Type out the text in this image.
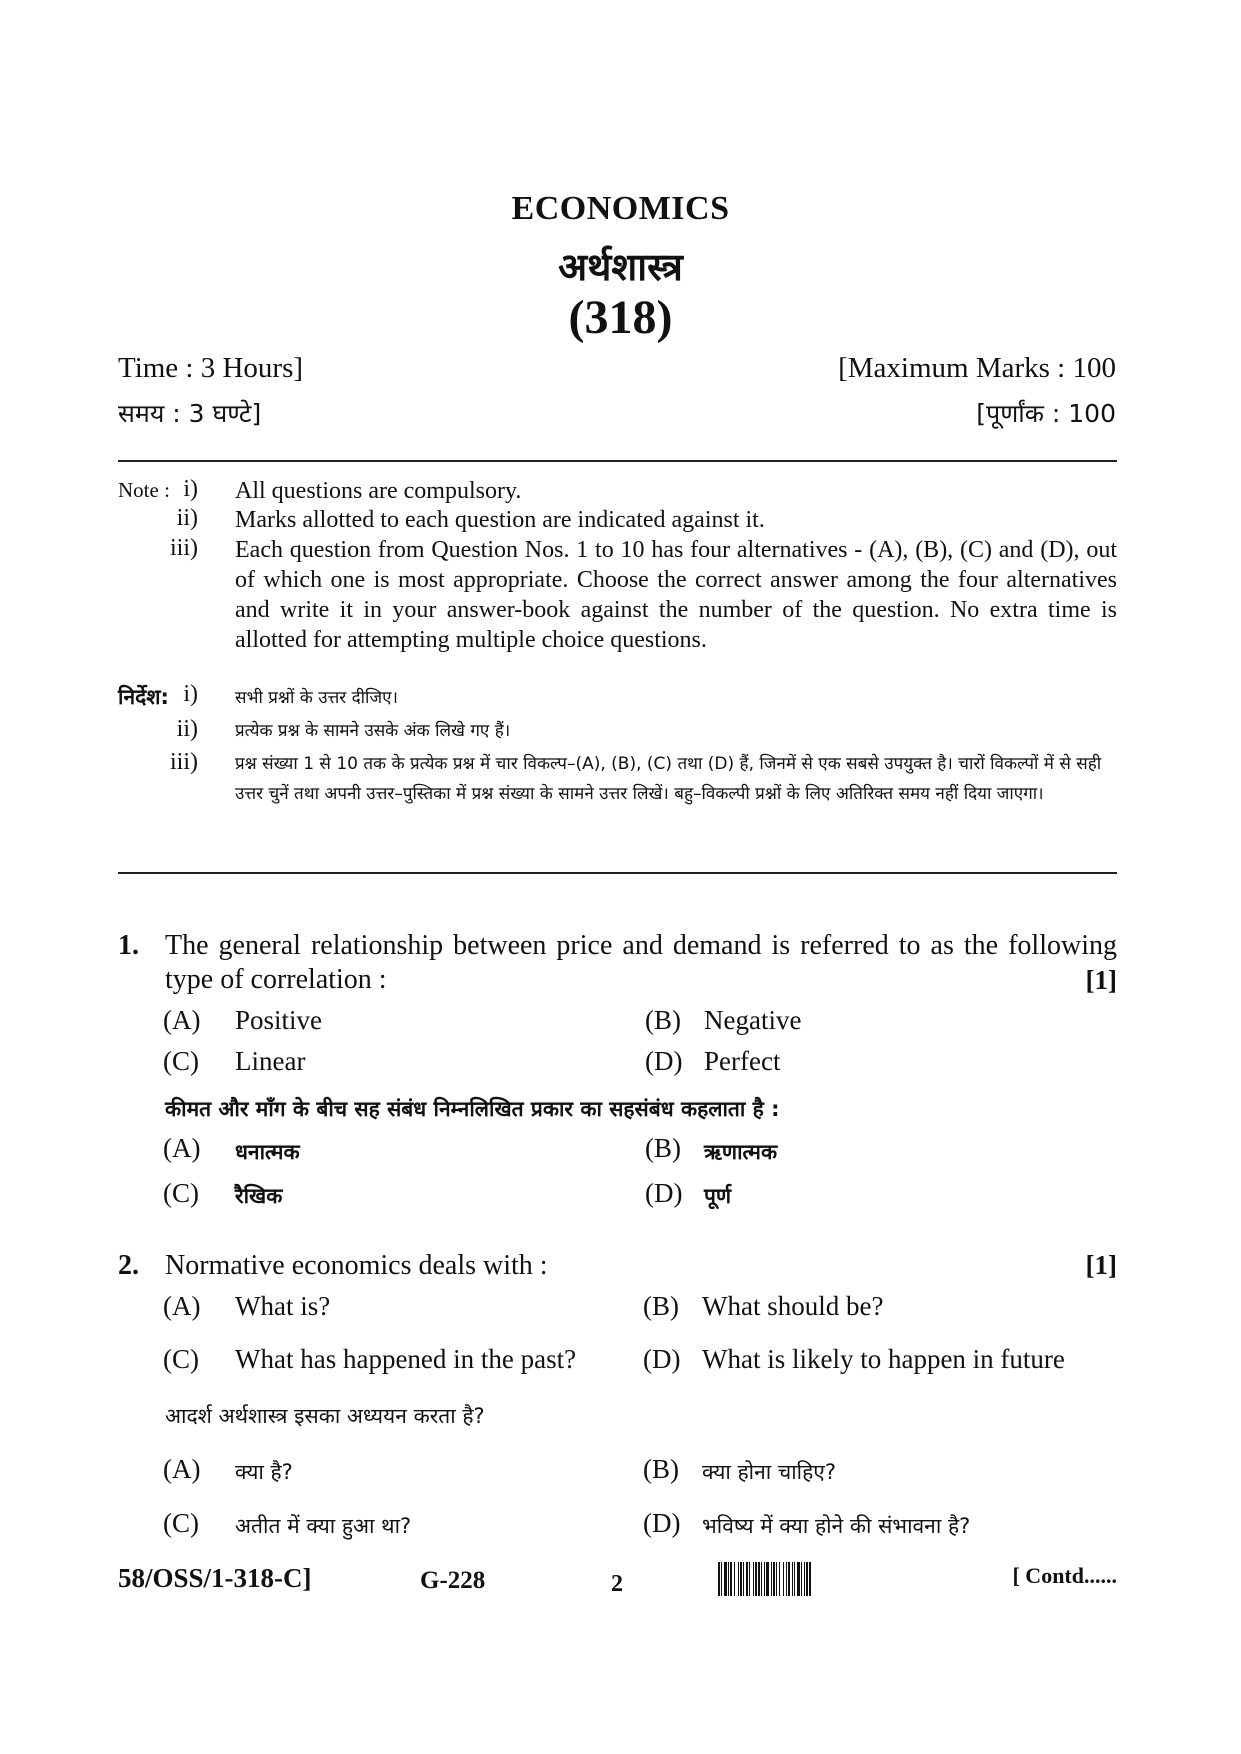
ECONOMICS
अर्थशास्त्र
(318)
Time : 3 Hours]	[Maximum Marks : 100
समय : 3 घण्टे]	[पूर्णांक : 100
Note : i) All questions are compulsory.
ii) Marks allotted to each question are indicated against it.
iii) Each question from Question Nos. 1 to 10 has four alternatives - (A), (B), (C) and (D), out of which one is most appropriate. Choose the correct answer among the four alternatives and write it in your answer-book against the number of the question. No extra time is allotted for attempting multiple choice questions.
निर्देश: i) सभी प्रश्नों के उत्तर दीजिए।
ii) प्रत्येक प्रश्न के सामने उसके अंक लिखे गए हैं।
iii) प्रश्न संख्या 1 से 10 तक के प्रत्येक प्रश्न में चार विकल्प–(A), (B), (C) तथा (D) हैं, जिनमें से एक सबसे उपयुक्त है। चारों विकल्पों में से सही उत्तर चुनें तथा अपनी उत्तर–पुस्तिका में प्रश्न संख्या के सामने उत्तर लिखें। बहु–विकल्पी प्रश्नों के लिए अतिरिक्त समय नहीं दिया जाएगा।
1. The general relationship between price and demand is referred to as the following type of correlation :	[1]
(A) Positive	(B) Negative
(C) Linear	(D) Perfect
कीमत और माँग के बीच सह संबंध निम्नलिखित प्रकार का सहसंबंध कहलाता है :
(A) धनात्मक	(B) ऋणात्मक
(C) रैखिक	(D) पूर्ण
2. Normative economics deals with :	[1]
(A) What is?	(B) What should be?
(C) What has happened in the past? (D) What is likely to happen in future
आदर्श अर्थशास्त्र इसका अध्ययन करता है?
(A) क्या है?	(B) क्या होना चाहिए?
(C) अतीत में क्या हुआ था?	(D) भविष्य में क्या होने की संभावना है?
58/OSS/1-318-C]	G-228	2	[ Contd......
